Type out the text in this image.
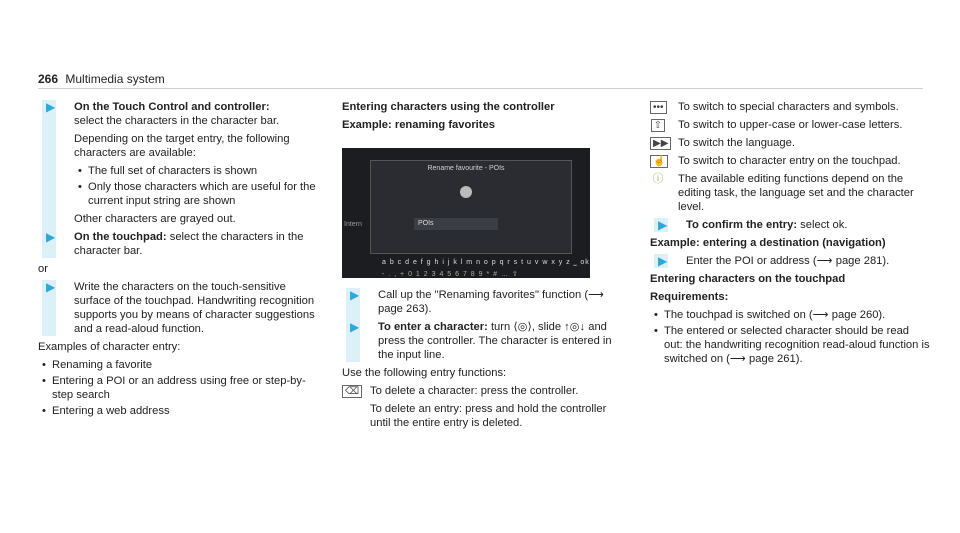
266 Multimedia system
▶ On the Touch Control and controller:
select the characters in the character bar.

Depending on the target entry, the following characters are available:

• The full set of characters is shown
• Only those characters which are useful for the current input string are shown

Other characters are grayed out.

▶ On the touchpad: select the characters in the character bar.

or

▶ Write the characters on the touch-sensitive surface of the touchpad. Handwriting recognition supports you by means of character suggestions and a read-aloud function.

Examples of character entry:

• Renaming a favorite
• Entering a POI or an address using free or step-by-step search
• Entering a web address

Entering characters using the controller

Example: renaming favorites

Rename favourite - POIs
POIs
Intern
a b c d e f g h i j k l m n o p q r s t u v w x y z ⎵ ok
- . , + 0 1 2 3 4 5 6 7 8 9 * # … ⇧
▶ Call up the "Renaming favorites" function (⟶ page 263).

▶ To enter a character: turn ⟨◎⟩, slide ↑◎↓ and press the controller. The character is entered in the input line.

Use the following entry functions:

⌫ To delete a character: press the controller.

To delete an entry: press and hold the controller until the entire entry is deleted.

••• To switch to special characters and symbols.

⇧	To switch to upper-case or lower-case letters.

▶▶ To switch the language.

☝ To switch to character entry on the touchpad.

ⓘ The available editing functions depend on the editing task, the language set and the character level.

▶ To confirm the entry: select ok.

Example: entering a destination (navigation)

▶ Enter the POI or address (⟶ page 281).

Entering characters on the touchpad

Requirements:

• The touchpad is switched on (⟶ page 260).
• The entered or selected character should be read out: the handwriting recognition read-aloud function is switched on (⟶ page 261).
